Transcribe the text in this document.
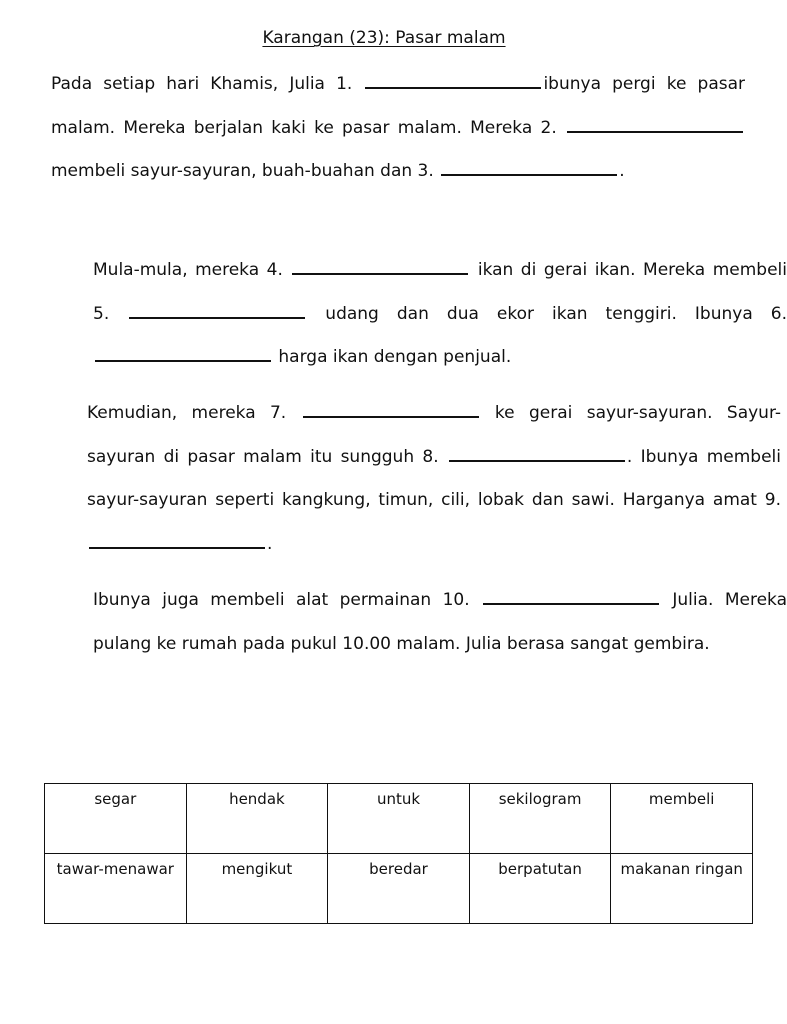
Karangan (23): Pasar malam
Pada setiap hari Khamis, Julia 1.	ibunya pergi ke pasar malam. Mereka berjalan kaki ke pasar malam. Mereka 2.  membeli sayur-sayuran, buah-buahan dan 3.	.
Mula-mula, mereka 4.	ikan di gerai ikan. Mereka membeli 5.	udang dan dua ekor ikan tenggiri. Ibunya 6.  harga ikan dengan penjual.
Kemudian, mereka 7.	ke gerai sayur-sayuran. Sayur-sayuran di pasar malam itu sungguh 8.	. Ibunya membeli sayur-sayuran seperti kangkung, timun, cili, lobak dan sawi. Harganya amat 9. .
Ibunya juga membeli alat permainan 10.	Julia. Mereka pulang ke rumah pada pukul 10.00 malam. Julia berasa sangat gembira.
segar	hendak	untuk	sekilogram	membeli
tawar-menawar	mengikut	beredar	berpatutan	makanan ringan
